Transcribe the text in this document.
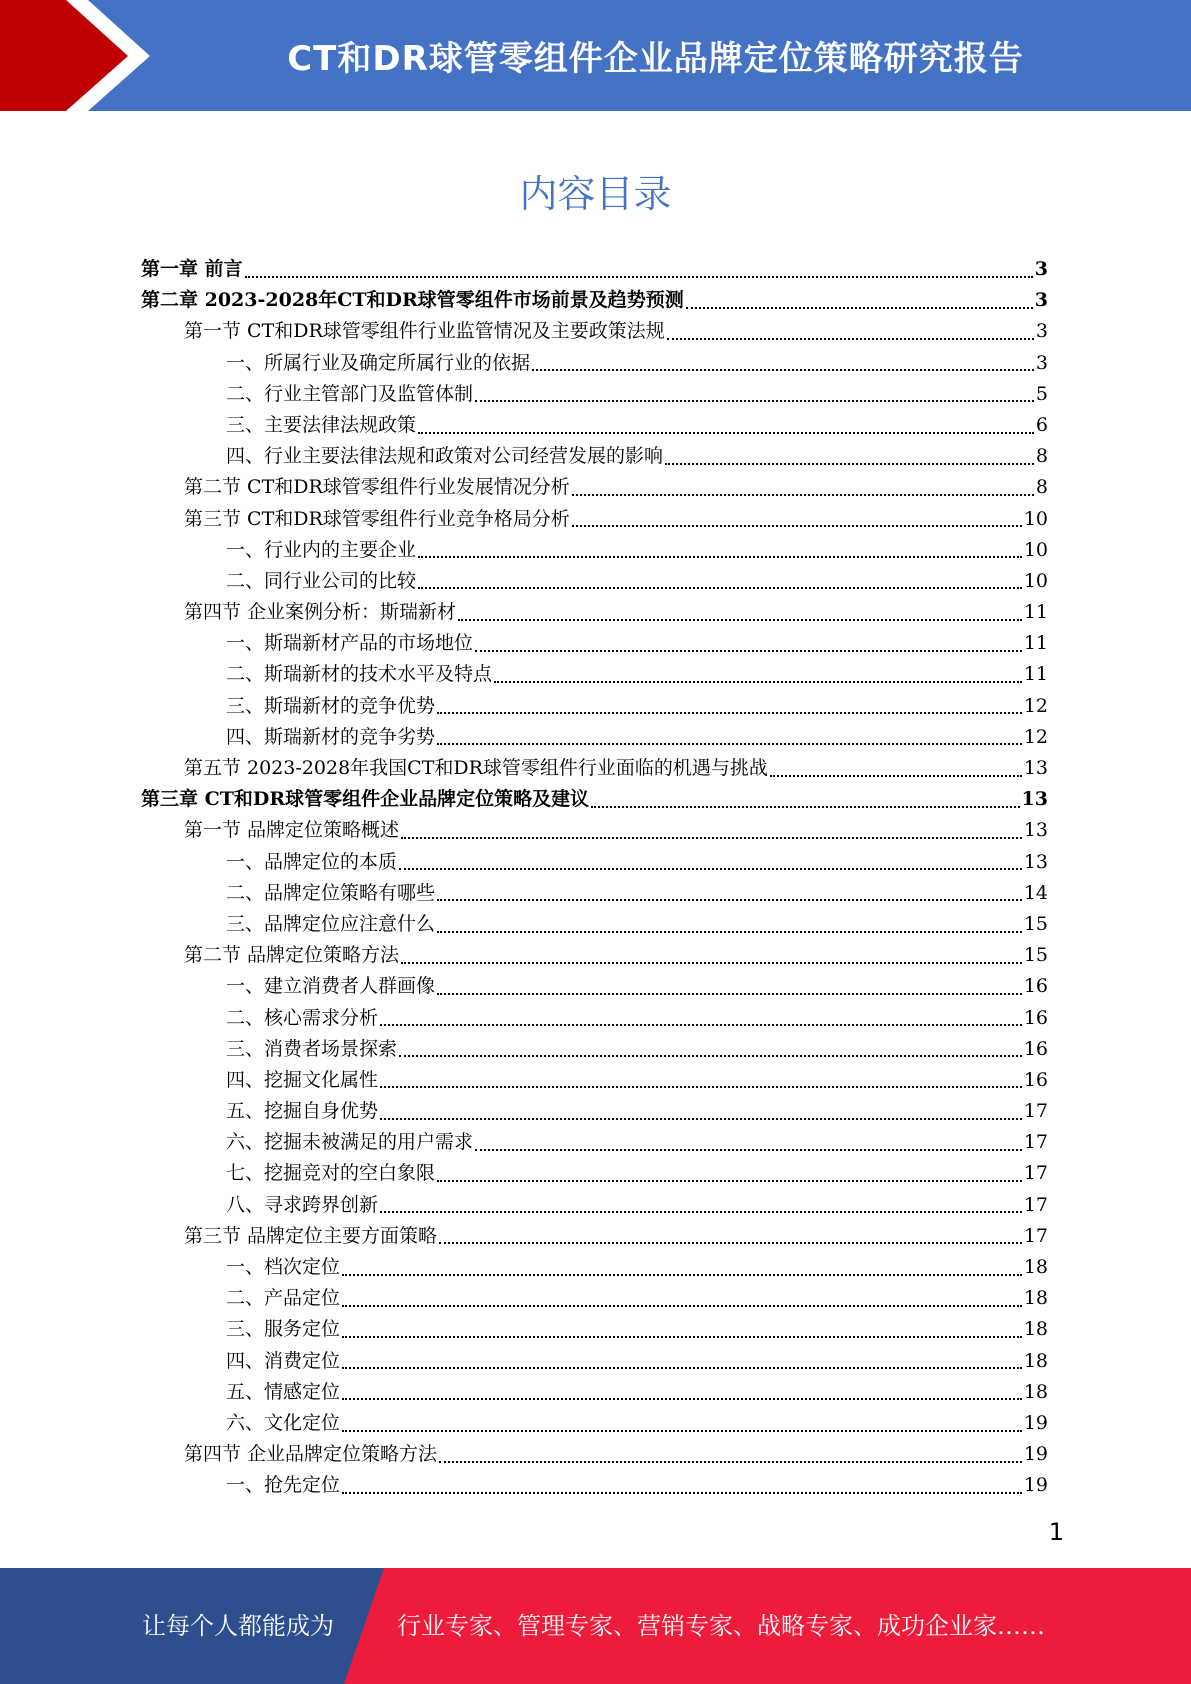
CT和DR球管零组件企业品牌定位策略研究报告
内容目录
第一章 前言	3
第二章 2023-2028年CT和DR球管零组件市场前景及趋势预测	3
第一节 CT和DR球管零组件行业监管情况及主要政策法规	3
一、所属行业及确定所属行业的依据	3
二、行业主管部门及监管体制	5
三、主要法律法规政策	6
四、行业主要法律法规和政策对公司经营发展的影响	8
第二节 CT和DR球管零组件行业发展情况分析	8
第三节 CT和DR球管零组件行业竞争格局分析	10
一、行业内的主要企业	10
二、同行业公司的比较	10
第四节 企业案例分析：斯瑞新材	11
一、斯瑞新材产品的市场地位	11
二、斯瑞新材的技术水平及特点	11
三、斯瑞新材的竞争优势	12
四、斯瑞新材的竞争劣势	12
第五节 2023-2028年我国CT和DR球管零组件行业面临的机遇与挑战	13
第三章 CT和DR球管零组件企业品牌定位策略及建议	13
第一节 品牌定位策略概述	13
一、品牌定位的本质	13
二、品牌定位策略有哪些	14
三、品牌定位应注意什么	15
第二节 品牌定位策略方法	15
一、建立消费者人群画像	16
二、核心需求分析	16
三、消费者场景探索	16
四、挖掘文化属性	16
五、挖掘自身优势	17
六、挖掘未被满足的用户需求	17
七、挖掘竞对的空白象限	17
八、寻求跨界创新	17
第三节 品牌定位主要方面策略	17
一、档次定位	18
二、产品定位	18
三、服务定位	18
四、消费定位	18
五、情感定位	18
六、文化定位	19
第四节 企业品牌定位策略方法	19
一、抢先定位	19
1
让每个人都能成为	行业专家、管理专家、营销专家、战略专家、成功企业家……
